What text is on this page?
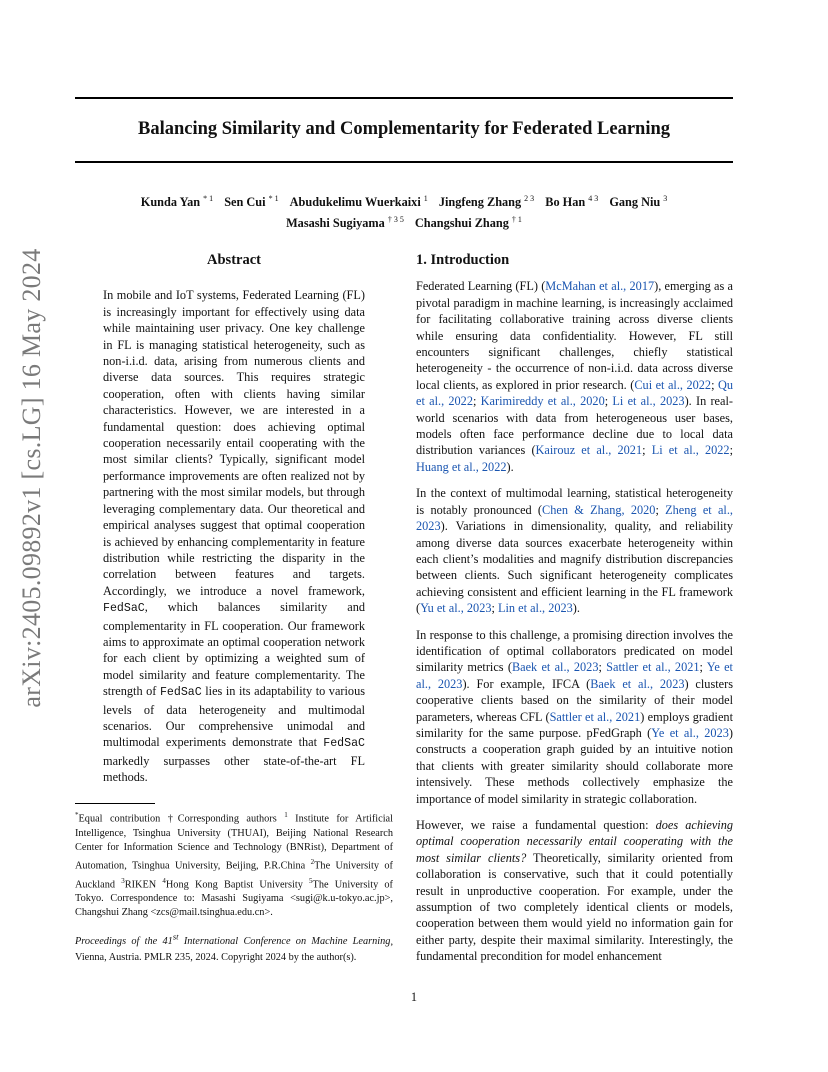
Balancing Similarity and Complementarity for Federated Learning
Kunda Yan $^{* 1}$ Sen Cui $^{* 1}$ Abudukelimu Wuerkaixi $^1$ Jingfeng Zhang $^{2 3}$ Bo Han $^{4 3}$ Gang Niu $^3$
Masashi Sugiyama $^{\dagger 3 5}$ Changshui Zhang $^{\dagger 1}$
arXiv:2405.09892v1 [cs.LG] 16 May 2024	Abstract
In mobile and IoT systems, Federated Learning (FL) is increasingly important for effectively using data while maintaining user privacy. One key challenge in FL is managing statistical heterogeneity, such as non-i.i.d. data, arising from numerous clients and diverse data sources. This requires strategic cooperation, often with clients having similar characteristics. However, we are interested in a fundamental question: does achieving optimal cooperation necessarily entail cooperating with the most similar clients? Typically, significant model performance improvements are often realized not by partnering with the most similar models, but through leveraging complementary data. Our theoretical and empirical analyses suggest that optimal cooperation is achieved by enhancing complementarity in feature distribution while restricting the disparity in the correlation between features and targets. Accordingly, we introduce a novel framework, FedSaC, which balances similarity and complementarity in FL cooperation. Our framework aims to approximate an optimal cooperation network for each client by optimizing a weighted sum of model similarity and feature complementarity. The strength of FedSaC lies in its adaptability to various levels of data heterogeneity and multimodal scenarios. Our comprehensive unimodal and multimodal experiments demonstrate that FedSaC markedly surpasses other state-of-the-art FL methods.
*Equal contribution †Corresponding authors $^1$ Institute for Artificial Intelligence, Tsinghua University (THUAI), Beijing National Research Center for Information Science and Technology (BNRist), Department of Automation, Tsinghua University, Beijing, P.R.China $^2$The University of Auckland $^3$RIKEN $^4$Hong Kong Baptist University $^5$The University of Tokyo. Correspondence to: Masashi Sugiyama <sugi@k.u-tokyo.ac.jp>, Changshui Zhang <zcs@mail.tsinghua.edu.cn>.
Proceedings of the 41st International Conference on Machine Learning, Vienna, Austria. PMLR 235, 2024. Copyright 2024 by the author(s).
1. Introduction

Federated Learning (FL) (McMahan et al., 2017), emerging as a pivotal paradigm in machine learning, is increasingly acclaimed for facilitating collaborative training across diverse clients while ensuring data confidentiality. However, FL still encounters significant challenges, chiefly statistical heterogeneity - the occurrence of non-i.i.d. data across diverse local clients, as explored in prior research. (Cui et al., 2022; Qu et al., 2022; Karimireddy et al., 2020; Li et al., 2023). In real-world scenarios with data from heterogeneous user bases, models often face performance decline due to local data distribution variances (Kairouz et al., 2021; Li et al., 2022; Huang et al., 2022).

In the context of multimodal learning, statistical heterogeneity is notably pronounced (Chen & Zhang, 2020; Zheng et al., 2023). Variations in dimensionality, quality, and reliability among diverse data sources exacerbate heterogeneity within each client’s modalities and magnify distribution discrepancies between clients. Such significant heterogeneity complicates achieving consistent and efficient learning in the FL framework (Yu et al., 2023; Lin et al., 2023).

In response to this challenge, a promising direction involves the identification of optimal collaborators predicated on model similarity metrics (Baek et al., 2023; Sattler et al., 2021; Ye et al., 2023). For example, IFCA (Baek et al., 2023) clusters cooperative clients based on the similarity of their model parameters, whereas CFL (Sattler et al., 2021) employs gradient similarity for the same purpose. pFedGraph (Ye et al., 2023) constructs a cooperation graph guided by an intuitive notion that clients with greater similarity should collaborate more intensively. These methods collectively emphasize the importance of model similarity in strategic collaboration.

However, we raise a fundamental question: does achieving optimal cooperation necessarily entail cooperating with the most similar clients? Theoretically, similarity oriented from collaboration is conservative, such that it could potentially result in unproductive cooperation. For example, under the assumption of two completely identical clients or models, cooperation between them would yield no information gain for either party, despite their maximal similarity. Interestingly, the fundamental precondition for model enhancement

1
